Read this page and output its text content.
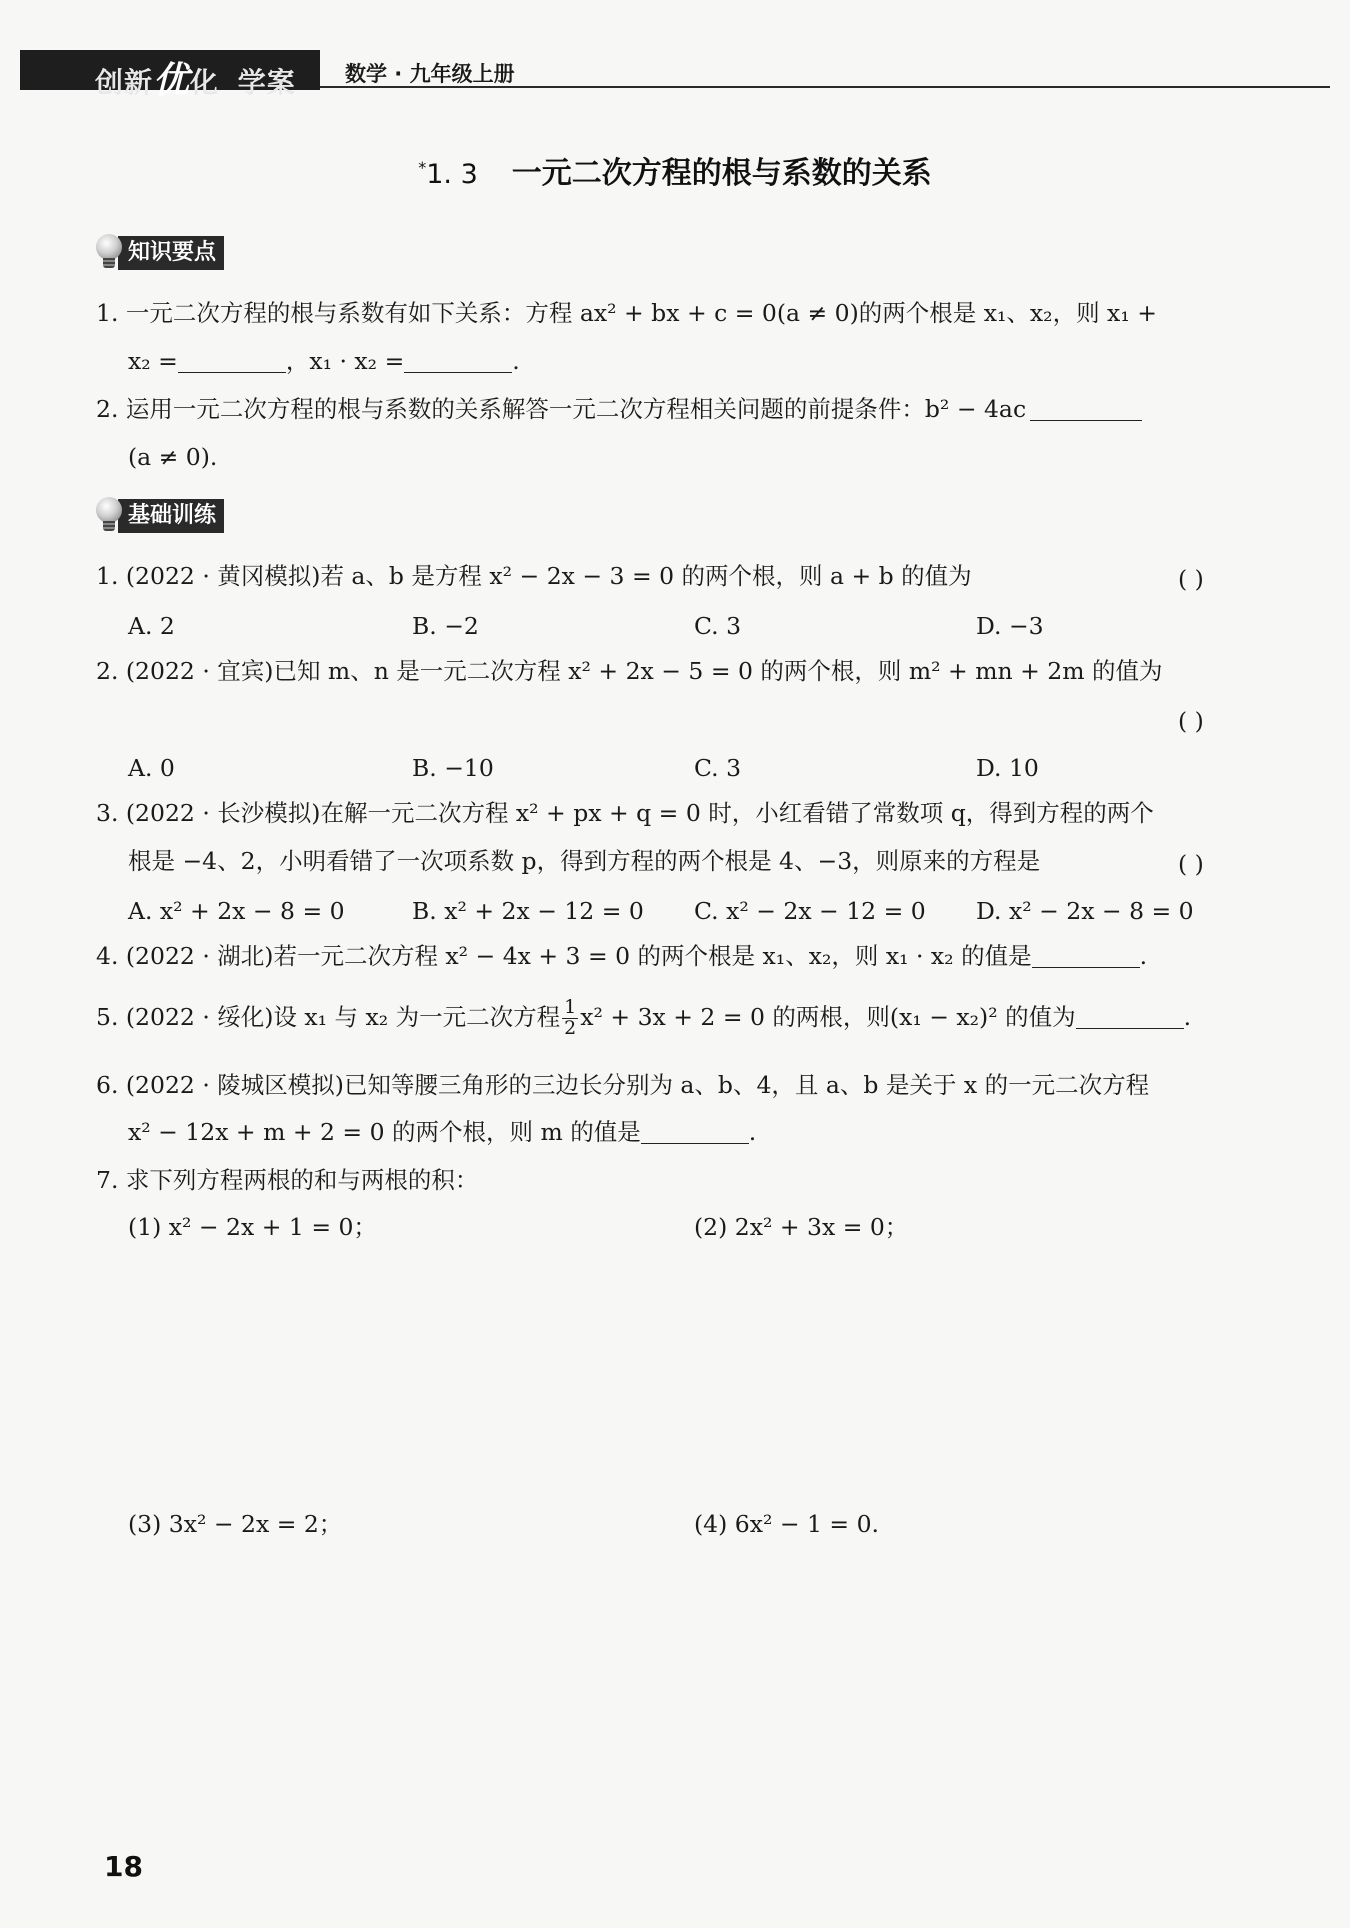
创新优化 学案 数学 · 九年级上册
*1. 3 一元二次方程的根与系数的关系
知识要点
1. 一元二次方程的根与系数有如下关系：方程 ax² + bx + c = 0(a ≠ 0)的两个根是 x₁、x₂，则 x₁ +
x₂ =	，x₁ · x₂ =	.
2. 运用一元二次方程的根与系数的关系解答一元二次方程相关问题的前提条件：b² − 4ac
(a ≠ 0).
基础训练
1. (2022 · 黄冈模拟)若 a、b 是方程 x² − 2x − 3 = 0 的两个根，则 a + b 的值为	( )
A. 2	B. −2	C. 3	D. −3
2. (2022 · 宜宾)已知 m、n 是一元二次方程 x² + 2x − 5 = 0 的两个根，则 m² + mn + 2m 的值为
( )
A. 0	B. −10	C. 3	D. 10
3. (2022 · 长沙模拟)在解一元二次方程 x² + px + q = 0 时，小红看错了常数项 q，得到方程的两个
根是 −4、2，小明看错了一次项系数 p，得到方程的两个根是 4、−3，则原来的方程是	( )
A. x² + 2x − 8 = 0	B. x² + 2x − 12 = 0 C. x² − 2x − 12 = 0 D. x² − 2x − 8 = 0
4. (2022 · 湖北)若一元二次方程 x² − 4x + 3 = 0 的两个根是 x₁、x₂，则 x₁ · x₂ 的值是	.
5. (2022 · 绥化)设 x₁ 与 x₂ 为一元二次方程 $\frac{1}{2} x^2 + 3x + 2 = 0$ 的两根，则(x₁ − x₂)² 的值为	.
6. (2022 · 陵城区模拟)已知等腰三角形的三边长分别为 a、b、4，且 a、b 是关于 x 的一元二次方程
x² − 12x + m + 2 = 0 的两个根，则 m 的值是	.
7. 求下列方程两根的和与两根的积：
(1) x² − 2x + 1 = 0；	(2) 2x² + 3x = 0；
(3) 3x² − 2x = 2；	(4) 6x² − 1 = 0.
18
